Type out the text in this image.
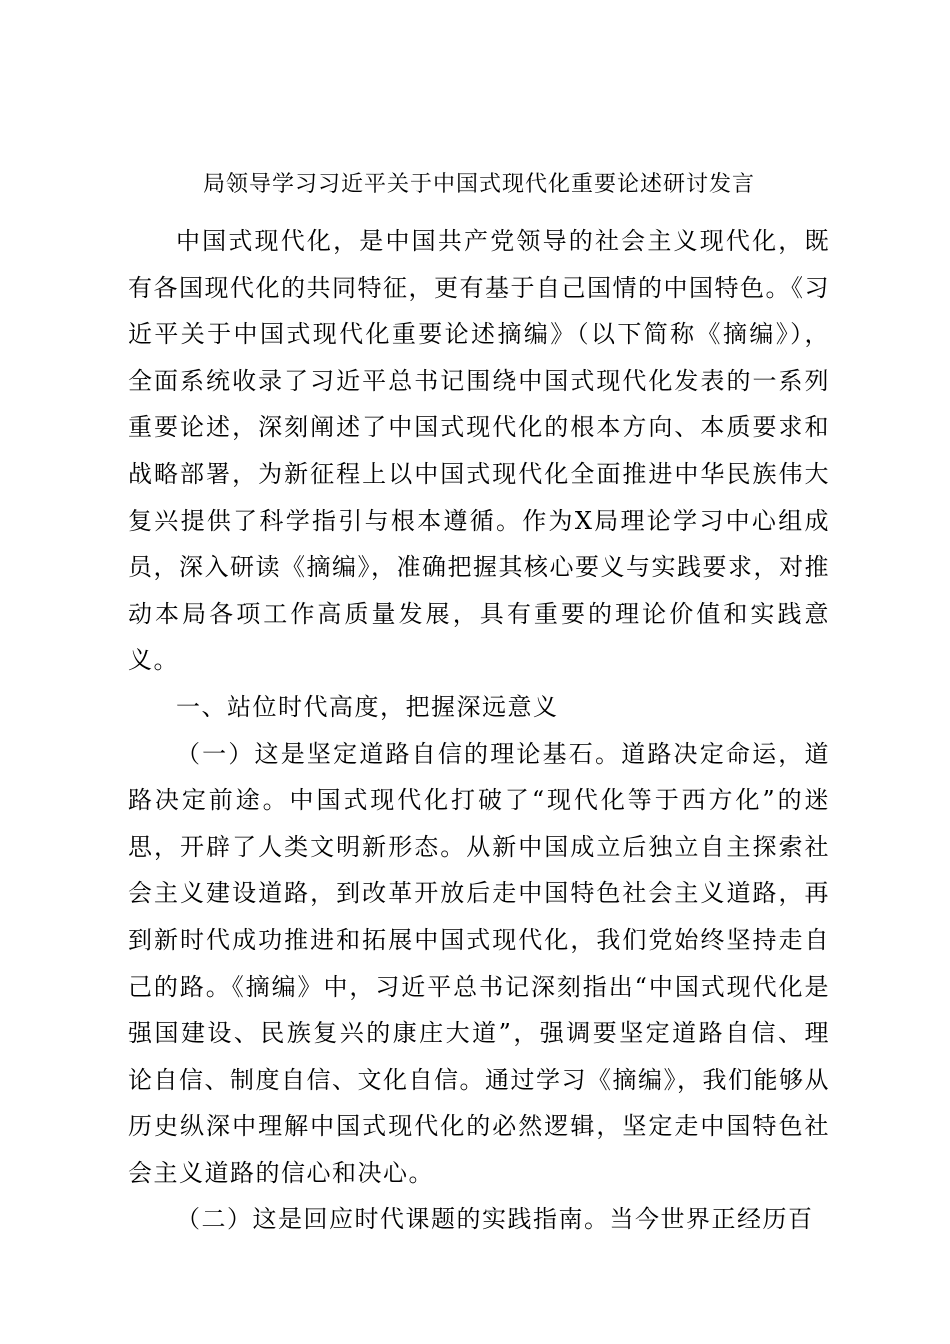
局领导学习习近平关于中国式现代化重要论述研讨发言

中国式现代化，是中国共产党领导的社会主义现代化，既有各国现代化的共同特征，更有基于自己国情的中国特色。《习近平关于中国式现代化重要论述摘编》（以下简称《摘编》），全面系统收录了习近平总书记围绕中国式现代化发表的一系列重要论述，深刻阐述了中国式现代化的根本方向、本质要求和战略部署，为新征程上以中国式现代化全面推进中华民族伟大复兴提供了科学指引与根本遵循。作为X局理论学习中心组成员，深入研读《摘编》，准确把握其核心要义与实践要求，对推动本局各项工作高质量发展，具有重要的理论价值和实践意义。

一、站位时代高度，把握深远意义

（一）这是坚定道路自信的理论基石。道路决定命运，道路决定前途。中国式现代化打破了“现代化等于西方化”的迷思，开辟了人类文明新形态。从新中国成立后独立自主探索社会主义建设道路，到改革开放后走中国特色社会主义道路，再到新时代成功推进和拓展中国式现代化，我们党始终坚持走自己的路。《摘编》中，习近平总书记深刻指出“中国式现代化是强国建设、民族复兴的康庄大道”，强调要坚定道路自信、理论自信、制度自信、文化自信。通过学习《摘编》，我们能够从历史纵深中理解中国式现代化的必然逻辑，坚定走中国特色社会主义道路的信心和决心。

（二）这是回应时代课题的实践指南。当今世界正经历百
